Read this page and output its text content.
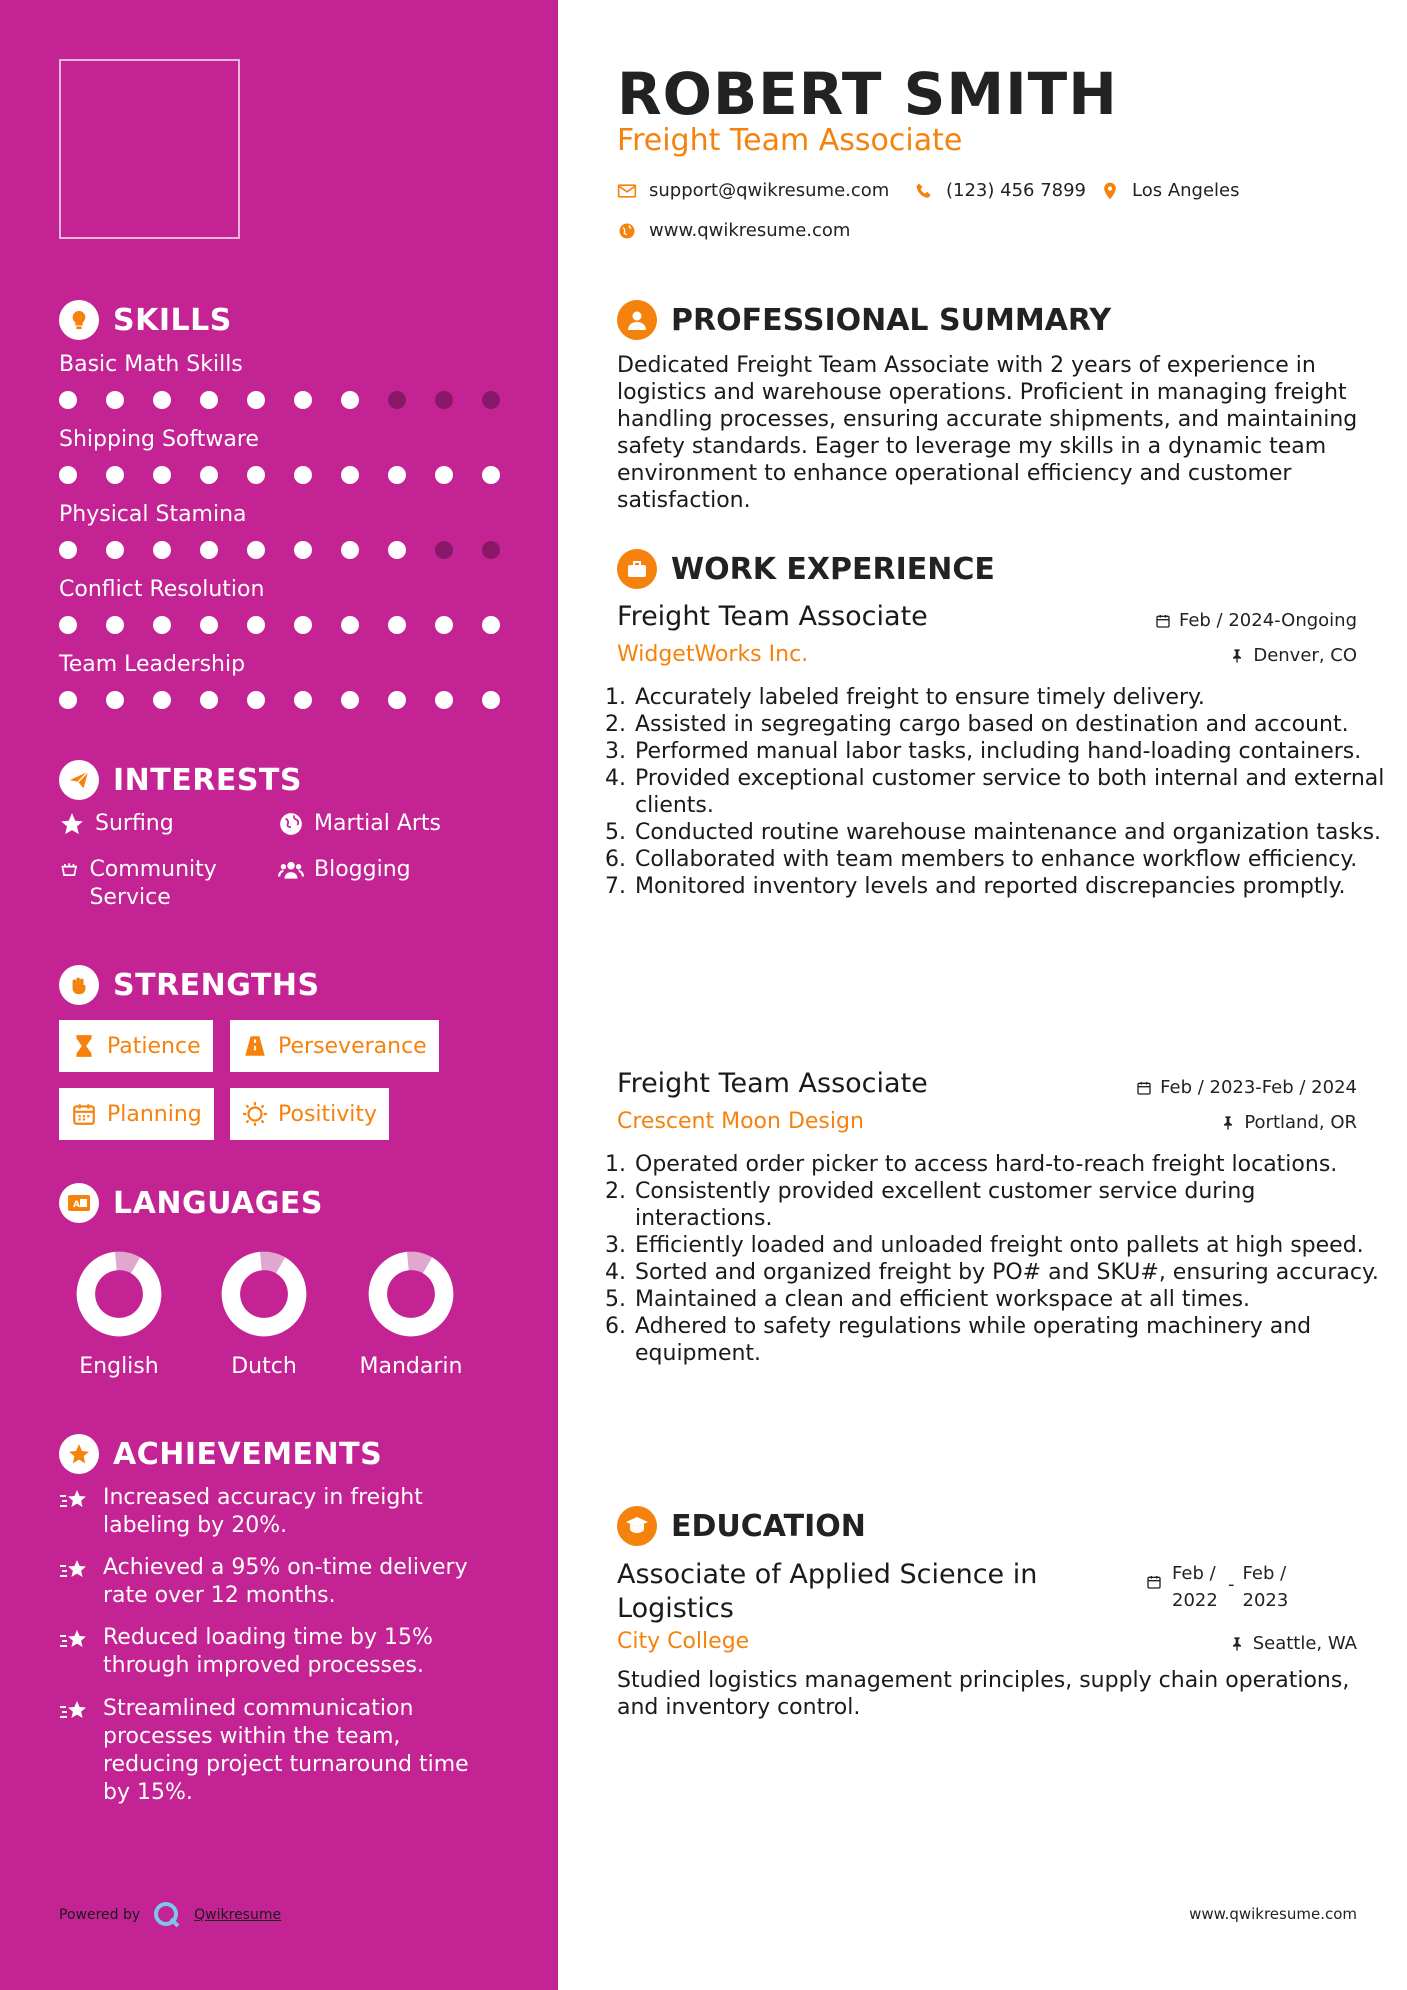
SKILLS
Basic Math Skills
Shipping Software
Physical Stamina
Conflict Resolution
Team Leadership
INTERESTS
Surfing	Martial Arts
Community Service
Blogging
STRENGTHS
Patience	Perseverance
Planning	Positivity
A LANGUAGES
English	Dutch	Mandarin
ACHIEVEMENTS
Increased accuracy in freight labeling by 20%.
Achieved a 95% on-time delivery rate over 12 months.
Reduced loading time by 15% through improved processes.
Streamlined communication processes within the team, reducing project turnaround time by 15%.
Powered by	Qwikresume
ROBERT SMITH
Freight Team Associate
support@qwikresume.com	(123) 456 7899	Los Angeles
www.qwikresume.com
PROFESSIONAL SUMMARY
Dedicated Freight Team Associate with 2 years of experience in logistics and warehouse operations. Proficient in managing freight handling processes, ensuring accurate shipments, and maintaining safety standards. Eager to leverage my skills in a dynamic team environment to enhance operational efficiency and customer satisfaction.
WORK EXPERIENCE
Freight Team Associate	Feb / 2024-Ongoing
WidgetWorks Inc.	Denver, CO
1. Accurately labeled freight to ensure timely delivery.
2. Assisted in segregating cargo based on destination and account.
3. Performed manual labor tasks, including hand-loading containers.
4. Provided exceptional customer service to both internal and external clients.
5. Conducted routine warehouse maintenance and organization tasks.
6. Collaborated with team members to enhance workflow efficiency.
7. Monitored inventory levels and reported discrepancies promptly.
Freight Team Associate	Feb / 2023-Feb / 2024
Crescent Moon Design	Portland, OR
1. Operated order picker to access hard-to-reach freight locations.
2. Consistently provided excellent customer service during interactions.
3. Efficiently loaded and unloaded freight onto pallets at high speed.
4. Sorted and organized freight by PO# and SKU#, ensuring accuracy.
5. Maintained a clean and efficient workspace at all times.
6. Adhered to safety regulations while operating machinery and equipment.
EDUCATION
Associate of Applied Science in Logistics
Feb / 2022
-
Feb / 2023
City College	Seattle, WA
Studied logistics management principles, supply chain operations, and inventory control.
www.qwikresume.com
